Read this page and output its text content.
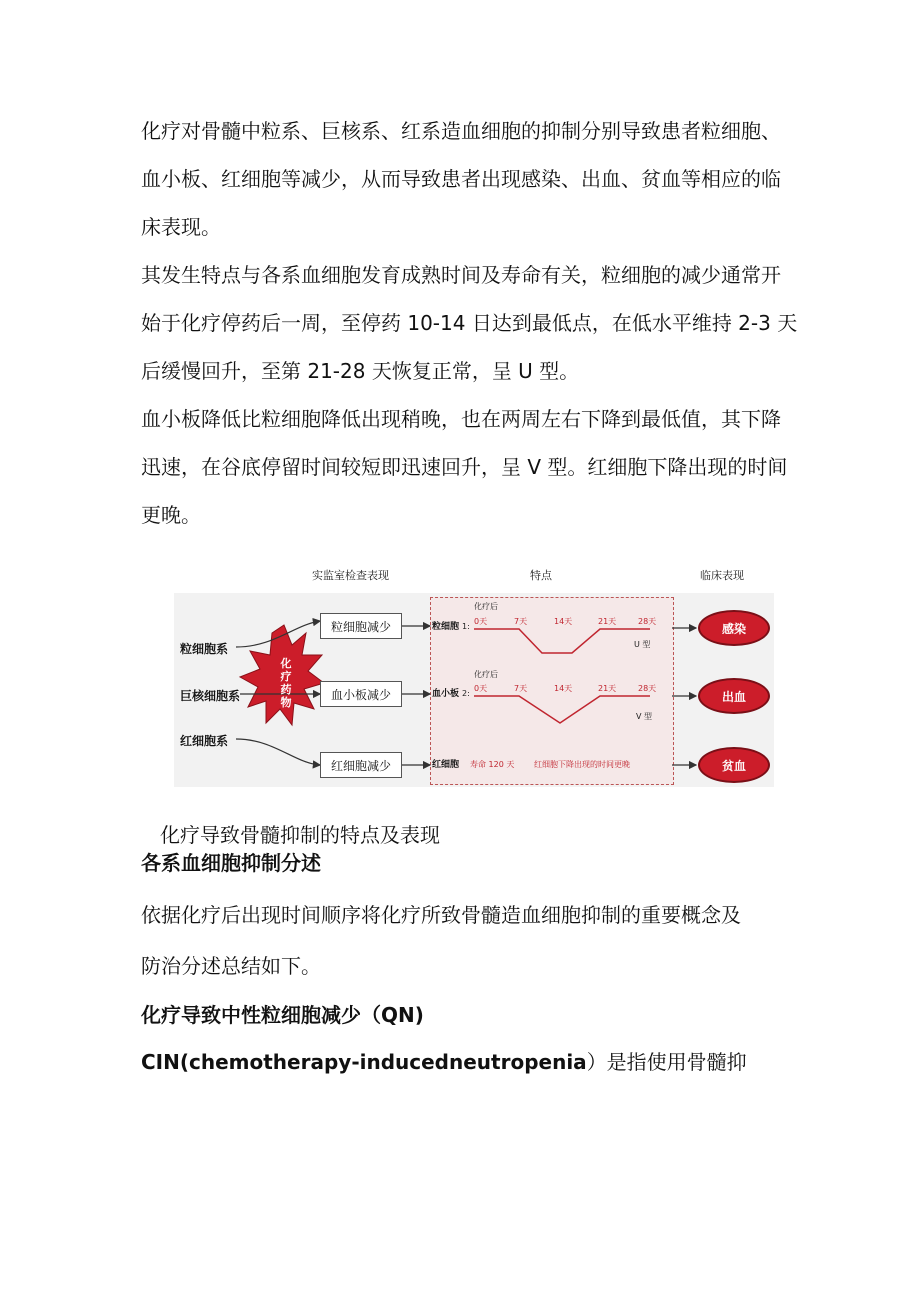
化疗对骨髓中粒系、巨核系、红系造血细胞的抑制分别导致患者粒细胞、
血小板、红细胞等减少，从而导致患者出现感染、出血、贫血等相应的临
床表现。

其发生特点与各系血细胞发育成熟时间及寿命有关，粒细胞的减少通常开
始于化疗停药后一周，至停药 10-14 日达到最低点，在低水平维持 2-3 天
后缓慢回升，至第 21-28 天恢复正常，呈 U 型。

血小板降低比粒细胞降低出现稍晚，也在两周左右下降到最低值，其下降
迅速，在谷底停留时间较短即迅速回升，呈 V 型。红细胞下降出现的时间
更晚。

实监室检查表现	特点	临床表现
化疗后
粒细胞 1:
0天	7天	14天	21天	28天
U 型
化疗后
血小板 2:
0天	7天	14天	21天	28天
V 型
红细胞 寿命 120 天 红细胞下降出现的时间更晚
化
疗
药
物
粒细胞系
巨核细胞系
红细胞系
粒细胞减少
血小板减少
红细胞减少
感染
出血
贫血

化疗导致骨髓抑制的特点及表现

各系血细胞抑制分述

依据化疗后出现时间顺序将化疗所致骨髓造血细胞抑制的重要概念及

防治分述总结如下。

化疗导致中性粒细胞减少（QN)

CIN(chemotherapy-inducedneutropenia）是指使用骨髓抑
